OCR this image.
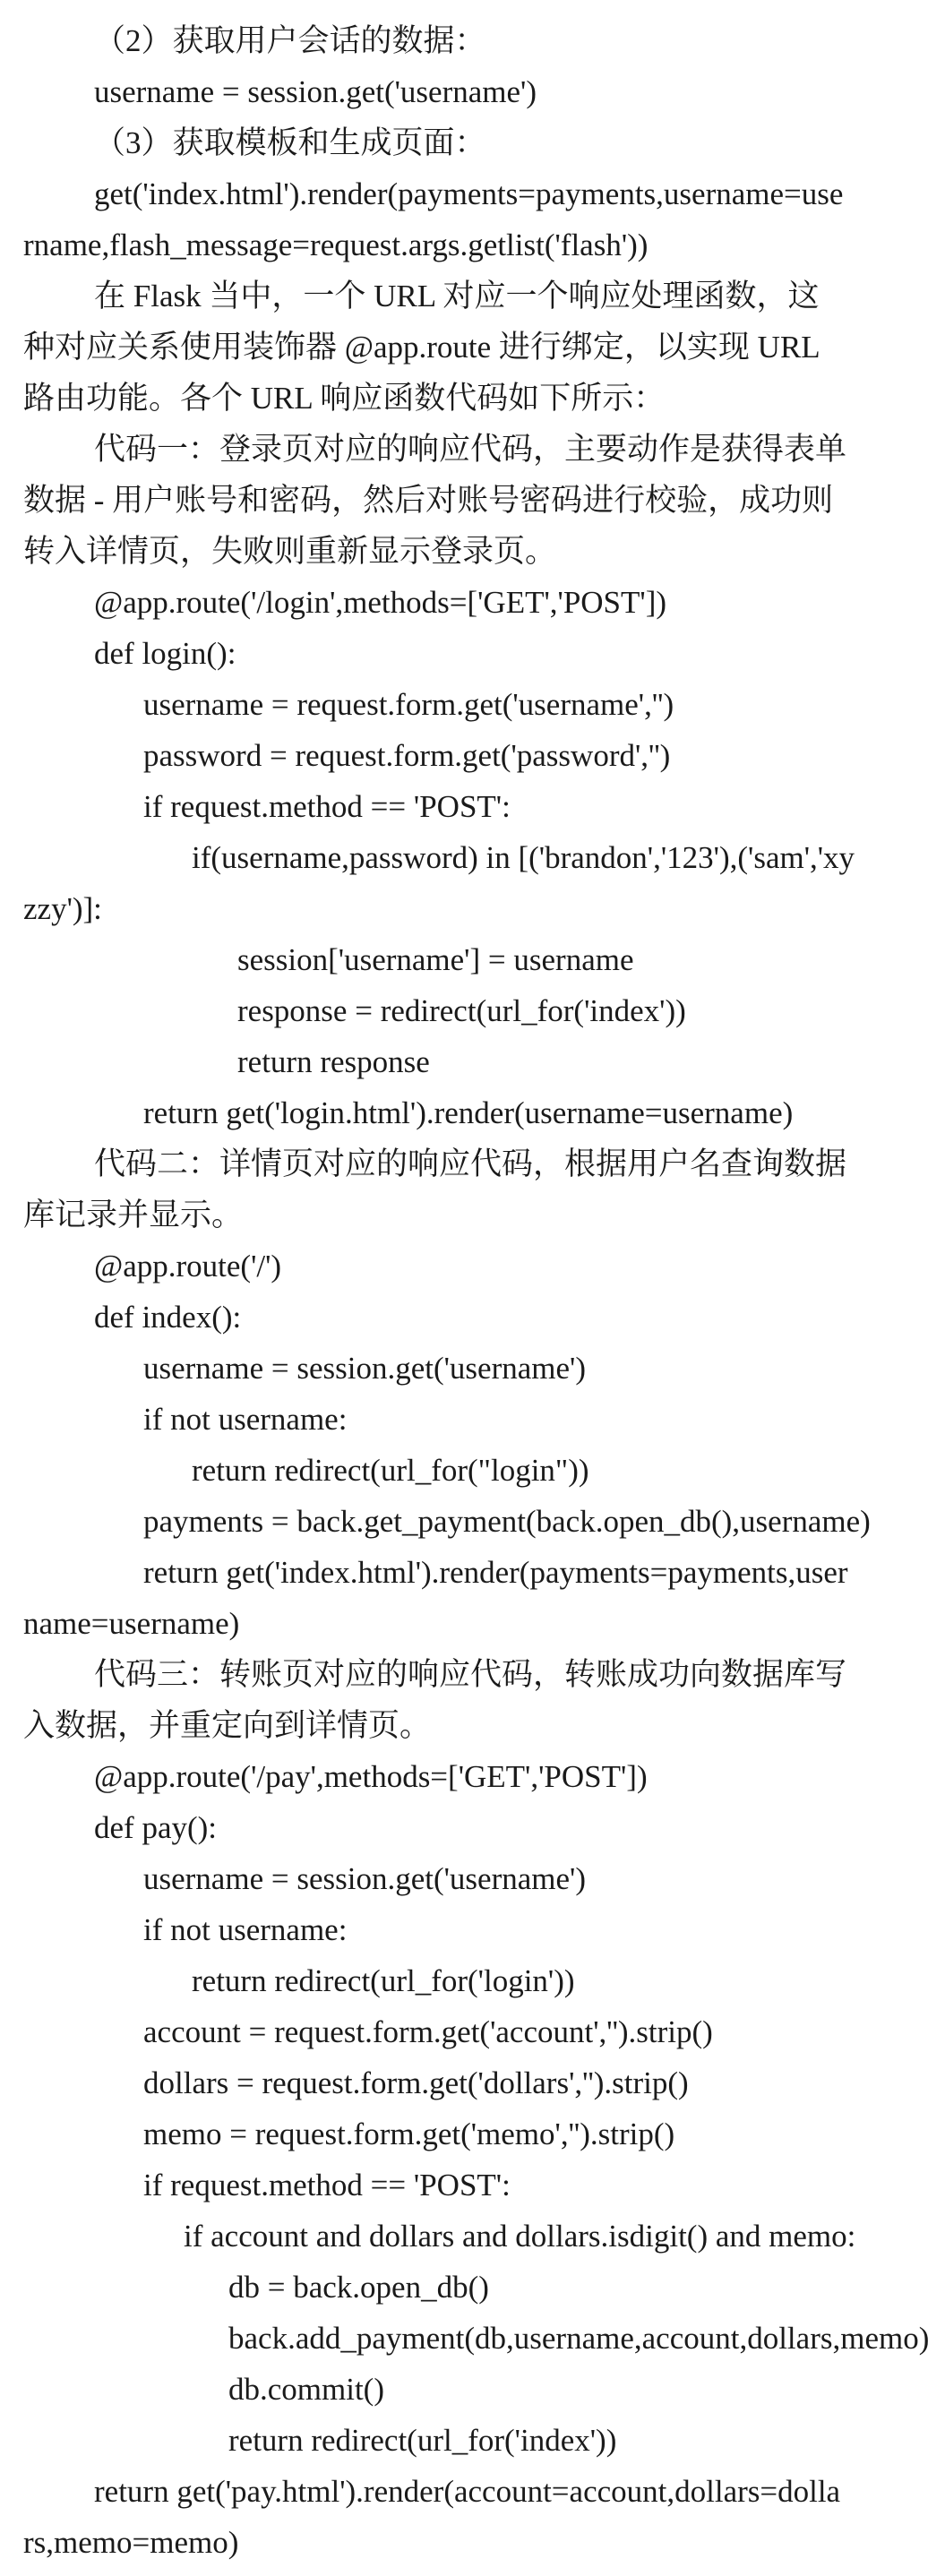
（2）获取用户会话的数据：
username = session.get('username')
（3）获取模板和生成页面：
get('index.html').render(payments=payments,username=use
rname,flash_message=request.args.getlist('flash'))
在 Flask 当中，一个 URL 对应一个响应处理函数，这
种对应关系使用装饰器 @app.route 进行绑定，以实现 URL
路由功能。各个 URL 响应函数代码如下所示：
代码一：登录页对应的响应代码，主要动作是获得表单
数据 - 用户账号和密码，然后对账号密码进行校验，成功则
转入详情页，失败则重新显示登录页。
@app.route('/login',methods=['GET','POST'])
def login():
username = request.form.get('username','')
password = request.form.get('password','')
if request.method == 'POST':
if(username,password) in [('brandon','123'),('sam','xy
zzy')]:
session['username'] = username
response = redirect(url_for('index'))
return response
return get('login.html').render(username=username)
代码二：详情页对应的响应代码，根据用户名查询数据
库记录并显示。
@app.route('/')
def index():
username = session.get('username')
if not username:
return redirect(url_for("login"))
payments = back.get_payment(back.open_db(),username)
return get('index.html').render(payments=payments,user
name=username)
代码三：转账页对应的响应代码，转账成功向数据库写
入数据，并重定向到详情页。
@app.route('/pay',methods=['GET','POST'])
def pay():
username = session.get('username')
if not username:
return redirect(url_for('login'))
account = request.form.get('account','').strip()
dollars = request.form.get('dollars','').strip()
memo = request.form.get('memo','').strip()
if request.method == 'POST':
if account and dollars and dollars.isdigit() and memo:
db = back.open_db()
back.add_payment(db,username,account,dollars,memo)
db.commit()
return redirect(url_for('index'))
return get('pay.html').render(account=account,dollars=dolla
rs,memo=memo)
